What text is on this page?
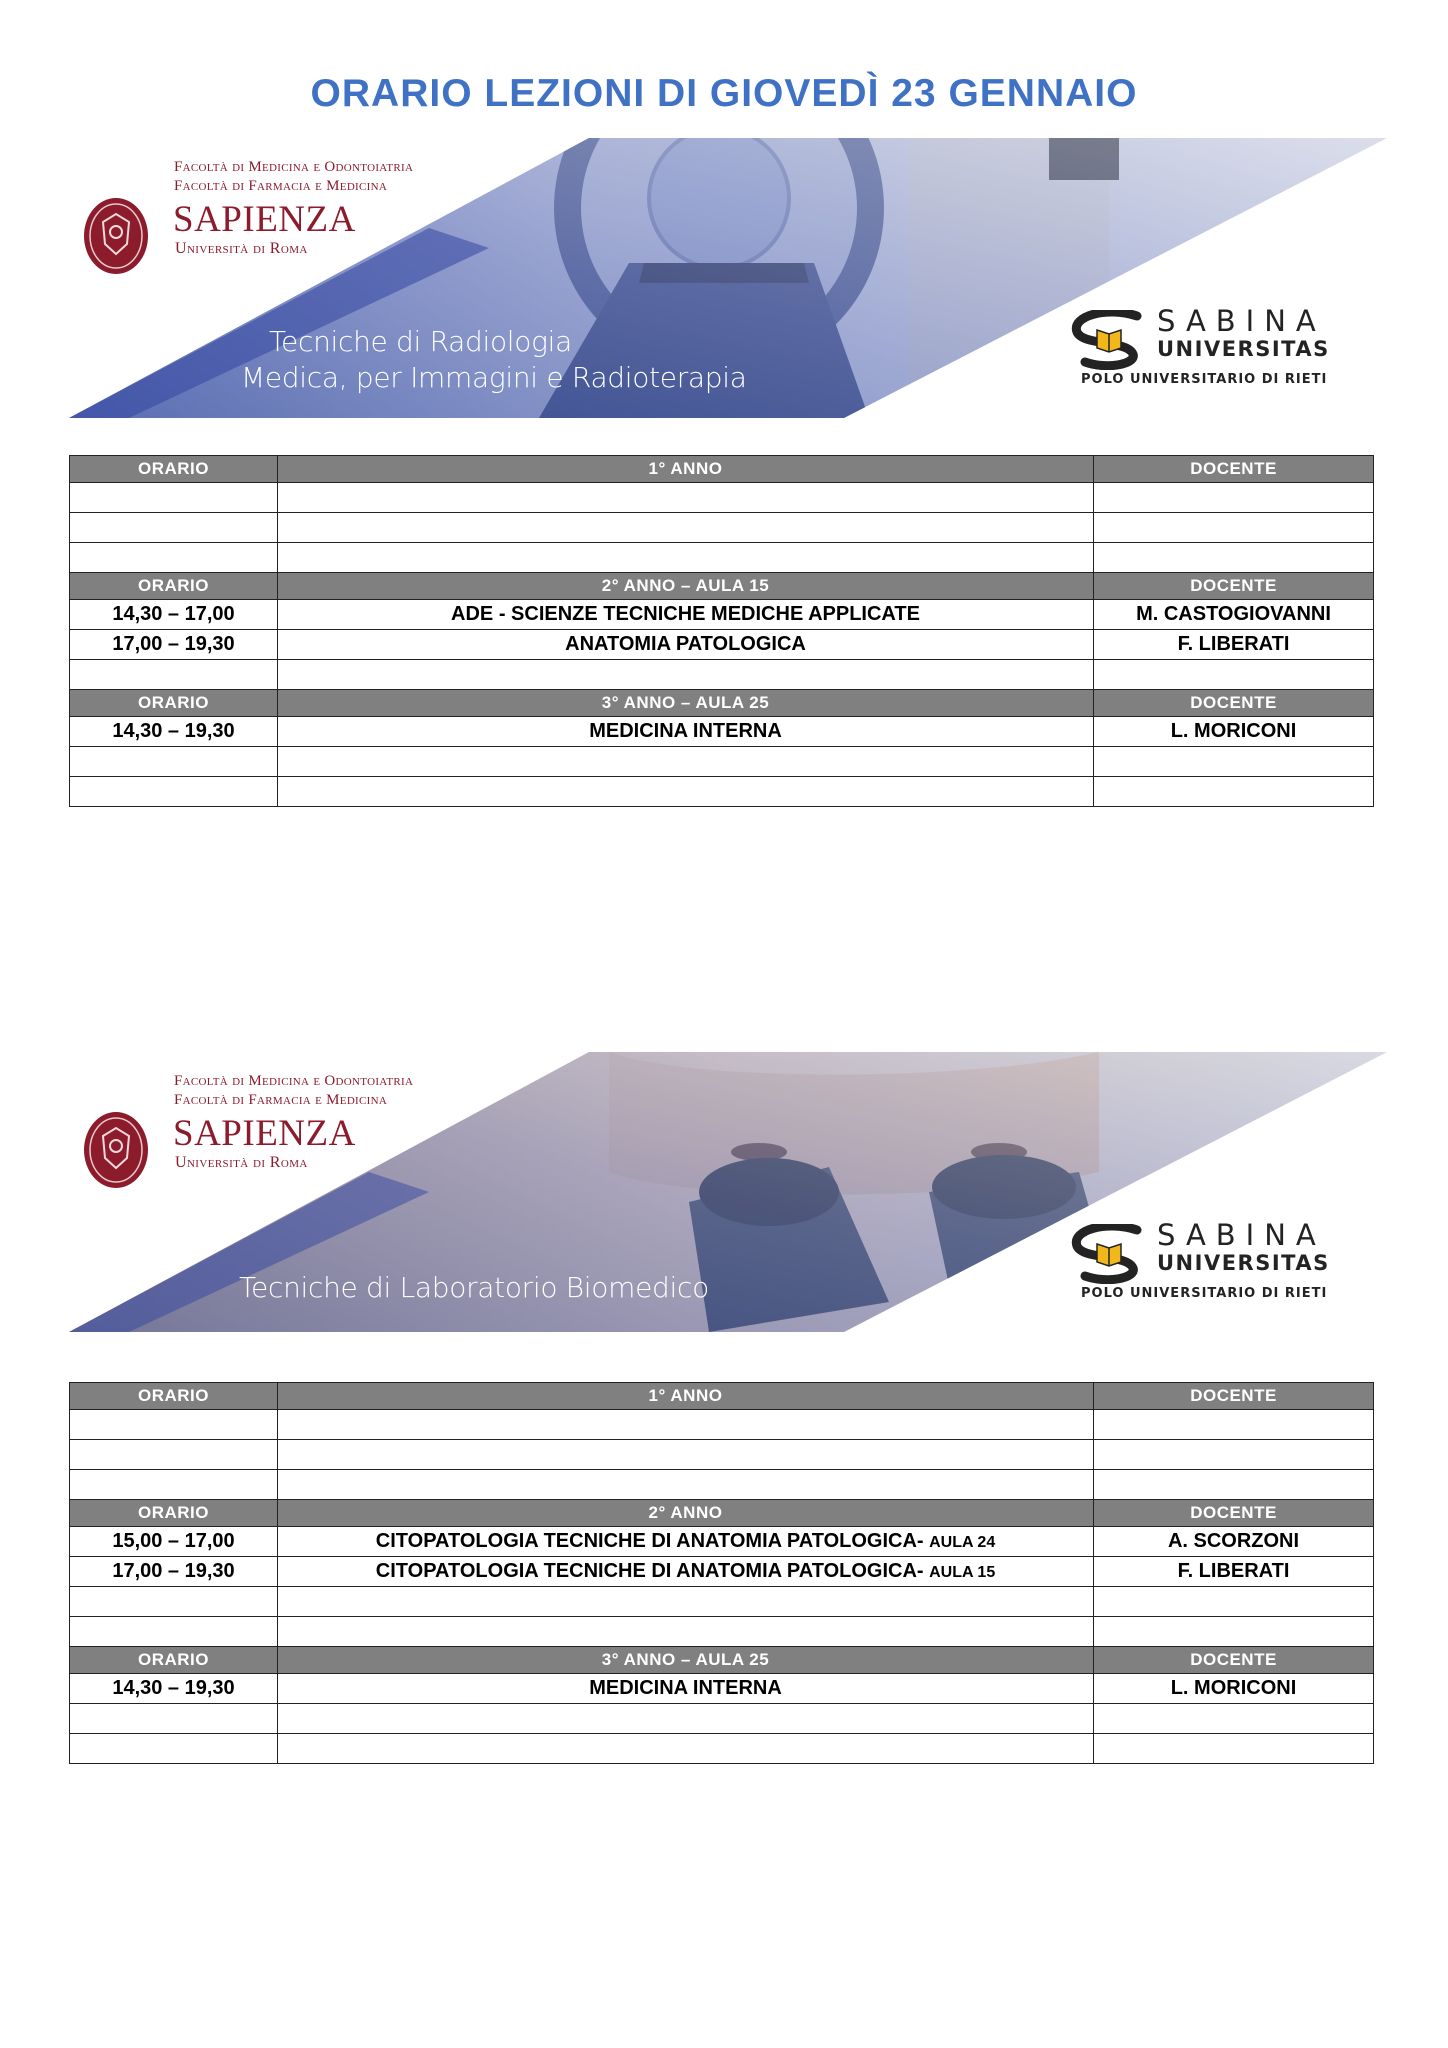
ORARIO LEZIONI DI GIOVEDÌ 23 GENNAIO
Facoltà di Medicina e Odontoiatria
Facoltà di Farmacia e Medicina
SAPIENZA
Università di Roma
Tecniche di Radiologia
Medica, per Immagini e Radioterapia
SABINA
UNIVERSITAS
POLO UNIVERSITARIO DI RIETI
ORARIO	1° ANNO	DOCENTE

ORARIO	2° ANNO – AULA 15	DOCENTE
14,30 – 17,00	ADE - SCIENZE TECNICHE MEDICHE APPLICATE	M. CASTOGIOVANNI
17,00 – 19,30	ANATOMIA PATOLOGICA	F. LIBERATI

ORARIO	3° ANNO – AULA 25	DOCENTE
14,30 – 19,30	MEDICINA INTERNA	L. MORICONI

Facoltà di Medicina e Odontoiatria
Facoltà di Farmacia e Medicina
SAPIENZA
Università di Roma
Tecniche di Laboratorio Biomedico
SABINA
UNIVERSITAS
POLO UNIVERSITARIO DI RIETI
ORARIO	1° ANNO	DOCENTE

ORARIO	2° ANNO	DOCENTE
15,00 – 17,00	CITOPATOLOGIA TECNICHE DI ANATOMIA PATOLOGICA- AULA 24	A. SCORZONI
17,00 – 19,30	CITOPATOLOGIA TECNICHE DI ANATOMIA PATOLOGICA- AULA 15	F. LIBERATI

ORARIO	3° ANNO – AULA 25	DOCENTE
14,30 – 19,30	MEDICINA INTERNA	L. MORICONI
